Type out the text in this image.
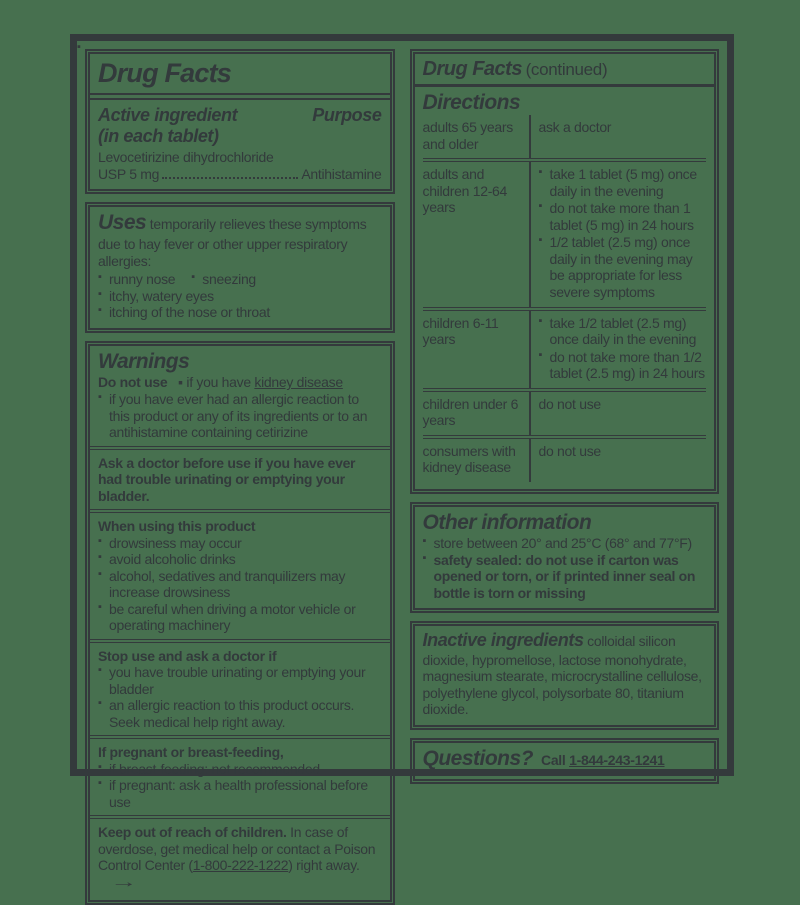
Drug Facts
Active ingredient
(in each tablet)
Purpose
Levocetirizine dihydrochloride
USP 5 mg	Antihistamine
Uses temporarily relieves these symptoms due to hay fever or other upper respiratory allergies:
▪ runny nose	▪ sneezing
▪ itchy, watery eyes
▪ itching of the nose or throat
Warnings
Do not use ▪ ▪ if you have kidney disease
▪ if you have ever had an allergic reaction to this product or any of its ingredients or to an antihistamine containing cetirizine
Ask a doctor before use if you have ever had trouble urinating or emptying your bladder.
When using this product
▪ drowsiness may occur
▪ avoid alcoholic drinks
▪ alcohol, sedatives and tranquilizers may increase drowsiness
▪ be careful when driving a motor vehicle or operating machinery
Stop use and ask a doctor if
▪ you have trouble urinating or emptying your bladder
▪ an allergic reaction to this product occurs. Seek medical help right away.
If pregnant or breast-feeding,
▪ if breast-feeding: not recommended
▪ if pregnant: ask a health professional before use
Keep out of reach of children. In case of overdose, get medical help or contact a Poison Control Center (1-800-222-1222) right away.→
Drug Facts (continued)
Directions
adults 65 years and older
ask a doctor
adults and children 12-64 years
▪ take 1 tablet (5 mg) once daily in the evening
▪ do not take more than 1 tablet (5 mg) in 24 hours
▪ 1/2 tablet (2.5 mg) once daily in the evening may be appropriate for less severe symptoms
children 6-11 years
▪ take 1/2 tablet (2.5 mg) once daily in the evening
▪ do not take more than 1/2 tablet (2.5 mg) in 24 hours
children under 6 years
do not use
consumers with kidney disease
do not use
Other information
▪ store between 20° and 25°C (68° and 77°F)
▪ safety sealed: do not use if carton was opened or torn, or if printed inner seal on bottle is torn or missing
Inactive ingredients colloidal silicon dioxide, hypromellose, lactose monohydrate, magnesium stearate, microcrystalline cellulose, polyethylene glycol, polysorbate 80, titanium dioxide.
Questions? Call 1-844-243-1241
